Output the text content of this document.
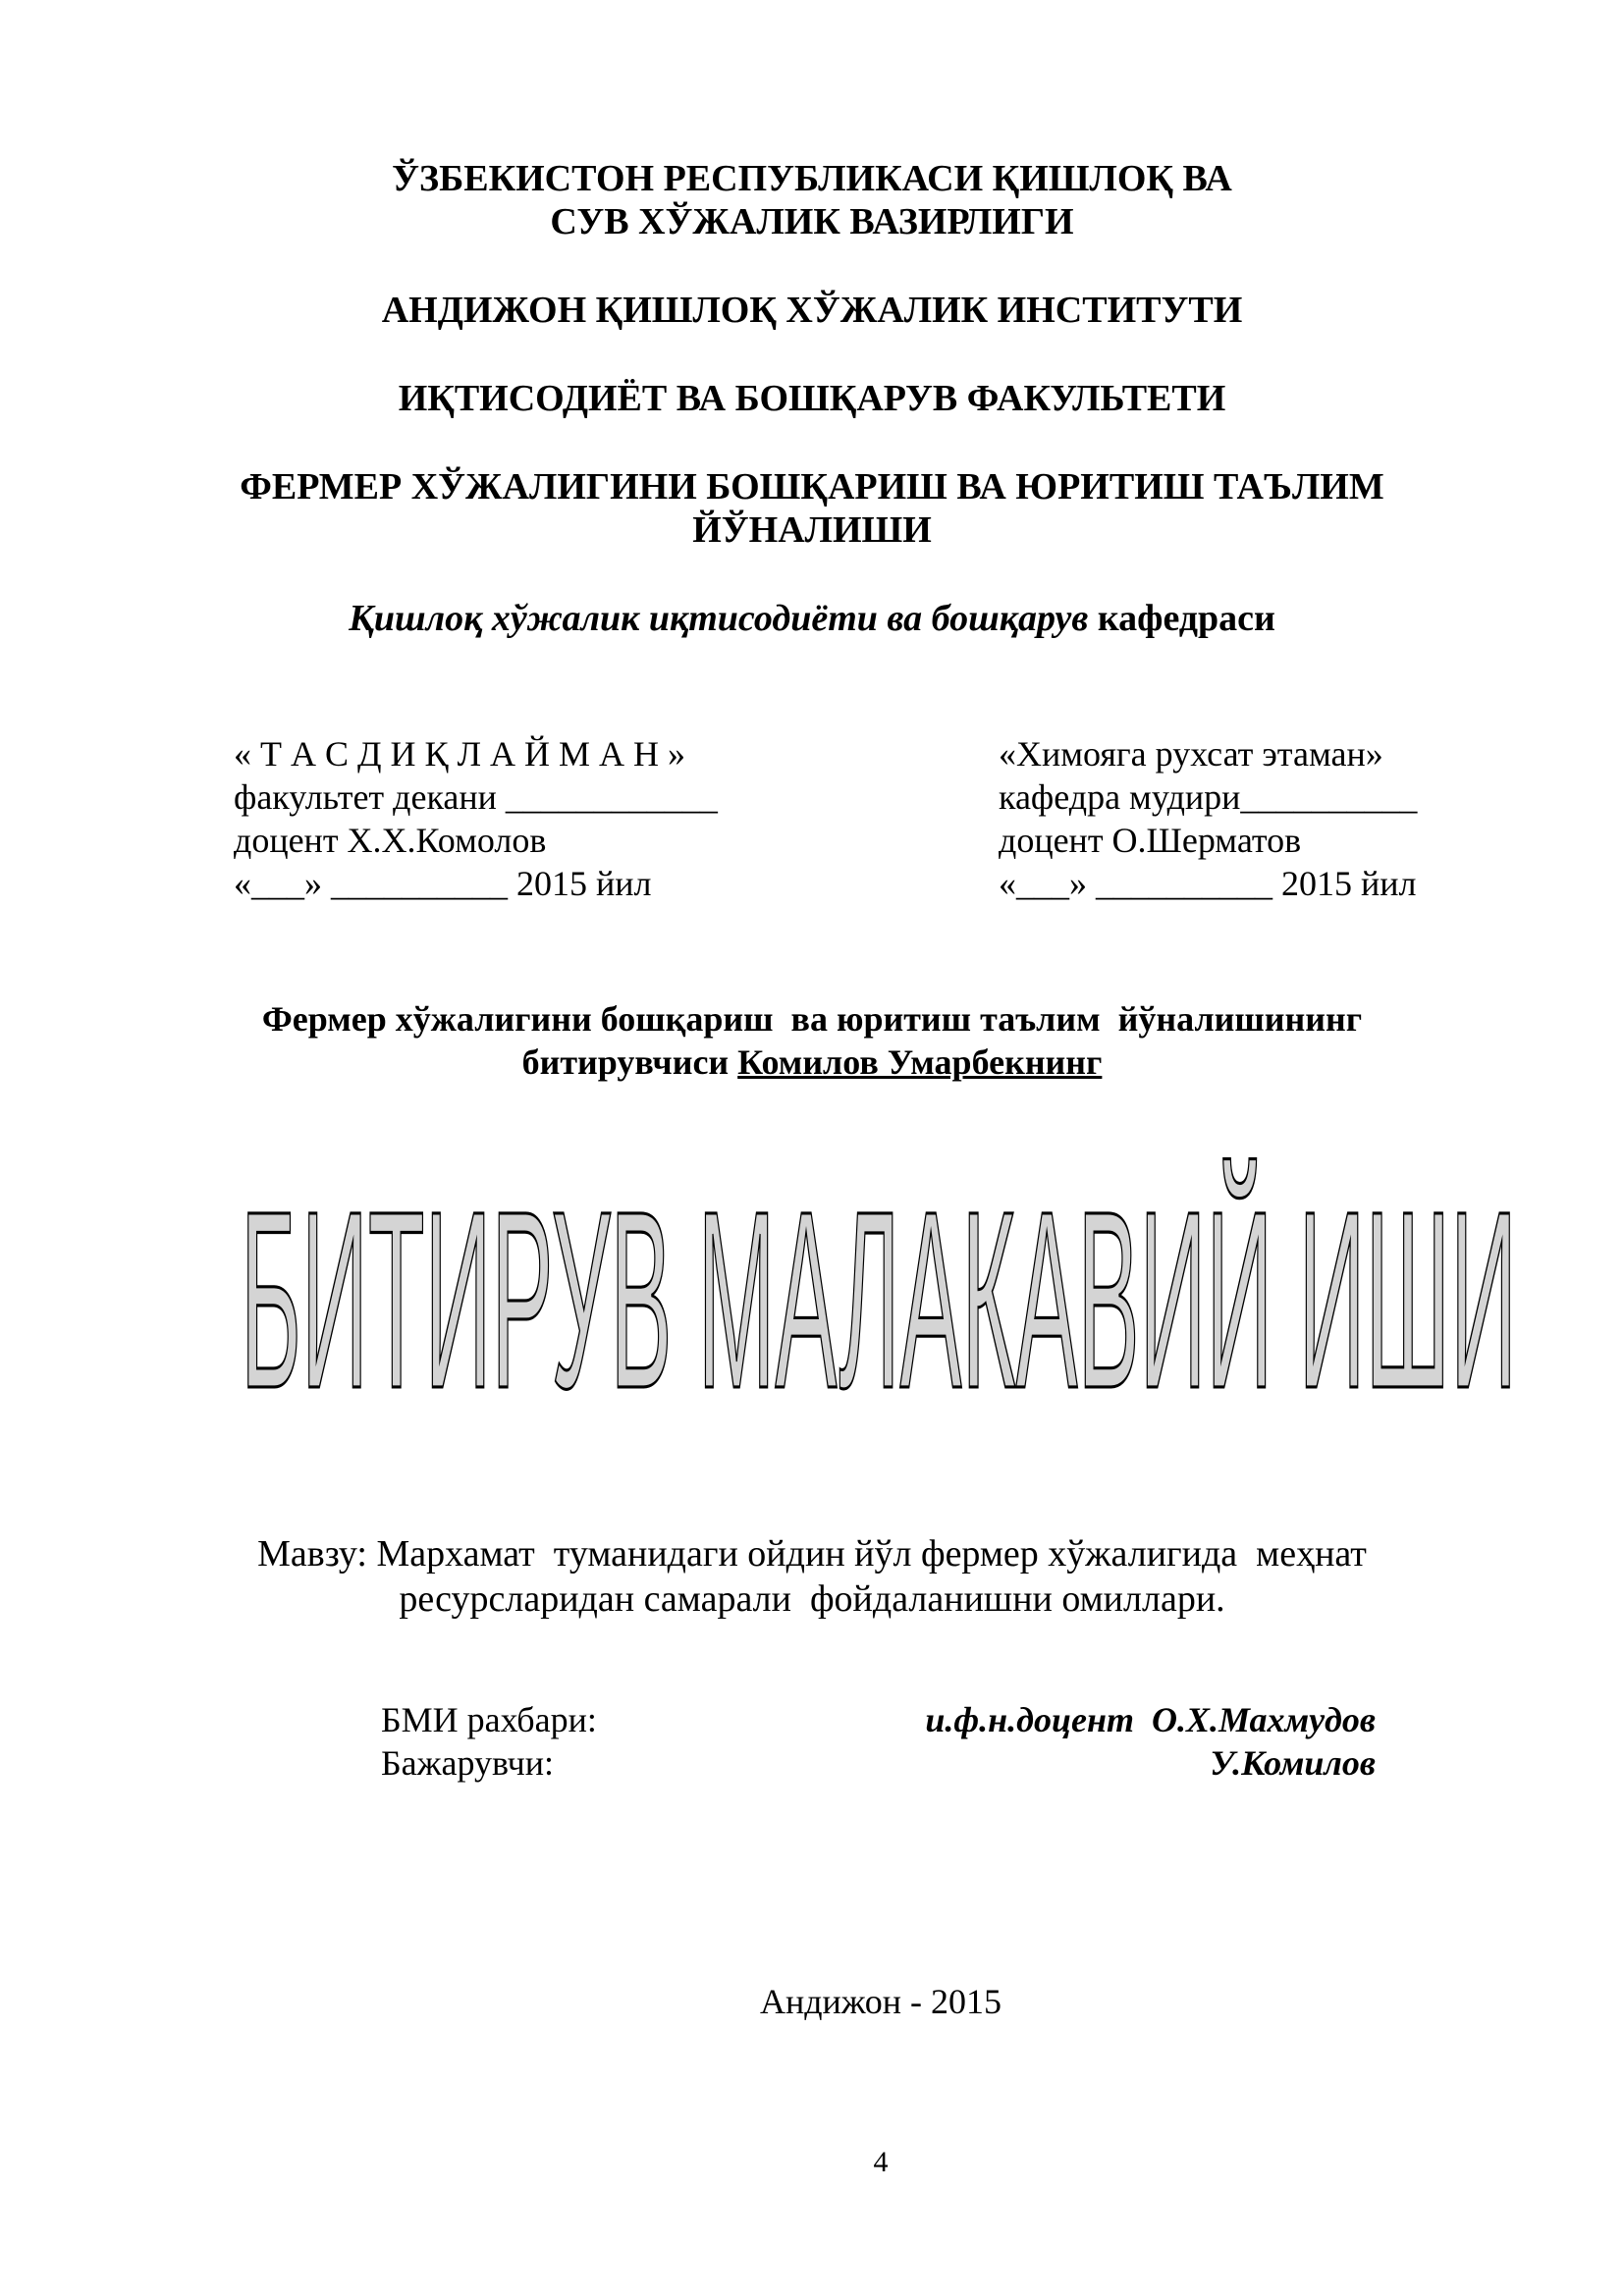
ЎЗБЕКИСТОН РЕСПУБЛИКАСИ ҚИШЛОҚ ВА
СУВ ХЎЖАЛИК ВАЗИРЛИГИ
АНДИЖОН ҚИШЛОҚ ХЎЖАЛИК ИНСТИТУТИ
ИҚТИСОДИЁТ ВА БОШҚАРУВ ФАКУЛЬТЕТИ
ФЕРМЕР ХЎЖАЛИГИНИ БОШҚАРИШ ВА ЮРИТИШ ТАЪЛИМ
ЙЎНАЛИШИ
Қишлоқ хўжалик иқтисодиёти ва бошқарув кафедраси
« Т А С Д И Қ Л А Й М А Н »
факультет декани ____________
доцент Х.Х.Комолов
«___» __________ 2015 йил
«Химояга рухсат этаман»
кафедра мудири__________
доцент О.Шерматов
«___» __________ 2015 йил
Фермер хўжалигини бошқариш  ва юритиш таълим  йўналишининг
битирувчиси Комилов Умарбекнинг
БИТИРУВ МАЛАКАВИЙ ИШИ
Мавзу: Мархамат  туманидаги ойдин йўл фермер хўжалигида  меҳнат
ресурсларидан самарали  фойдаланишни омиллари.
БМИ рахбари:	и.ф.н.доцент  О.Х.Махмудов
Бажарувчи:	У.Комилов
Андижон - 2015
4
